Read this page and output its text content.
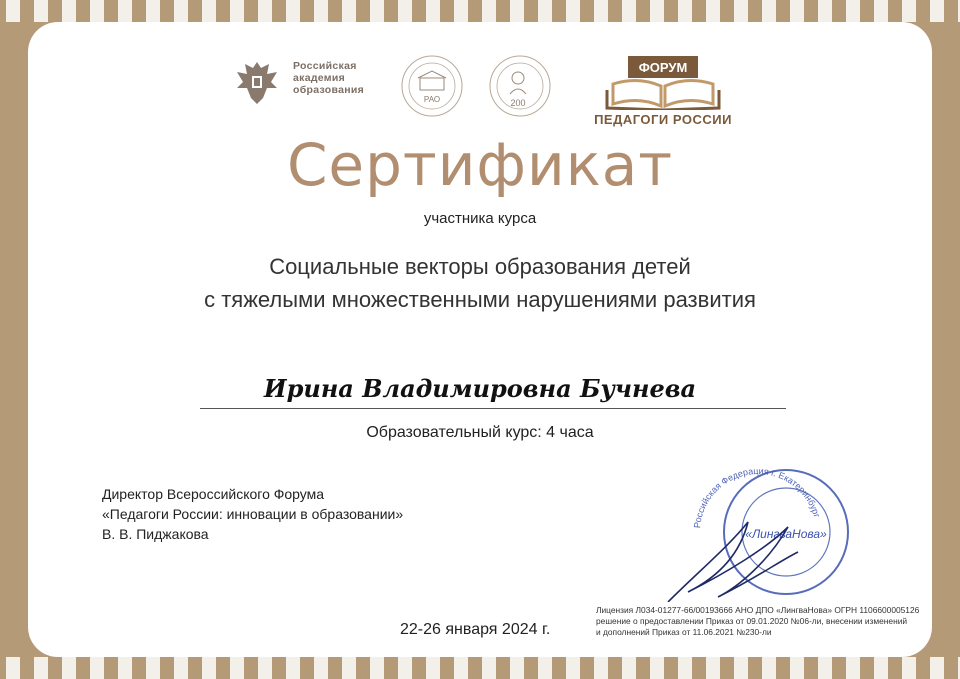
Российская
академия
образования
РАО	200
ФОРУМ
ПЕДАГОГИ РОССИИ
Сертификат
участника курса
Социальные векторы образования детей
с тяжелыми множественными нарушениями развития
Ирина Владимировна Бучнева
Образовательный курс: 4 часа
Директор Всероссийского Форума
«Педагоги России: инновации в образовании»
В. В. Пиджакова
Российская Федерация г. Екатеринбург
«ЛингваНова»
22-26 января 2024 г.
Лицензия Л034-01277-66/00193666 АНО ДПО «ЛингваНова» ОГРН 1106600005126
решение о предоставлении Приказ от 09.01.2020 №06-ли, внесении изменений
и дополнений Приказ от 11.06.2021 №230-ли
